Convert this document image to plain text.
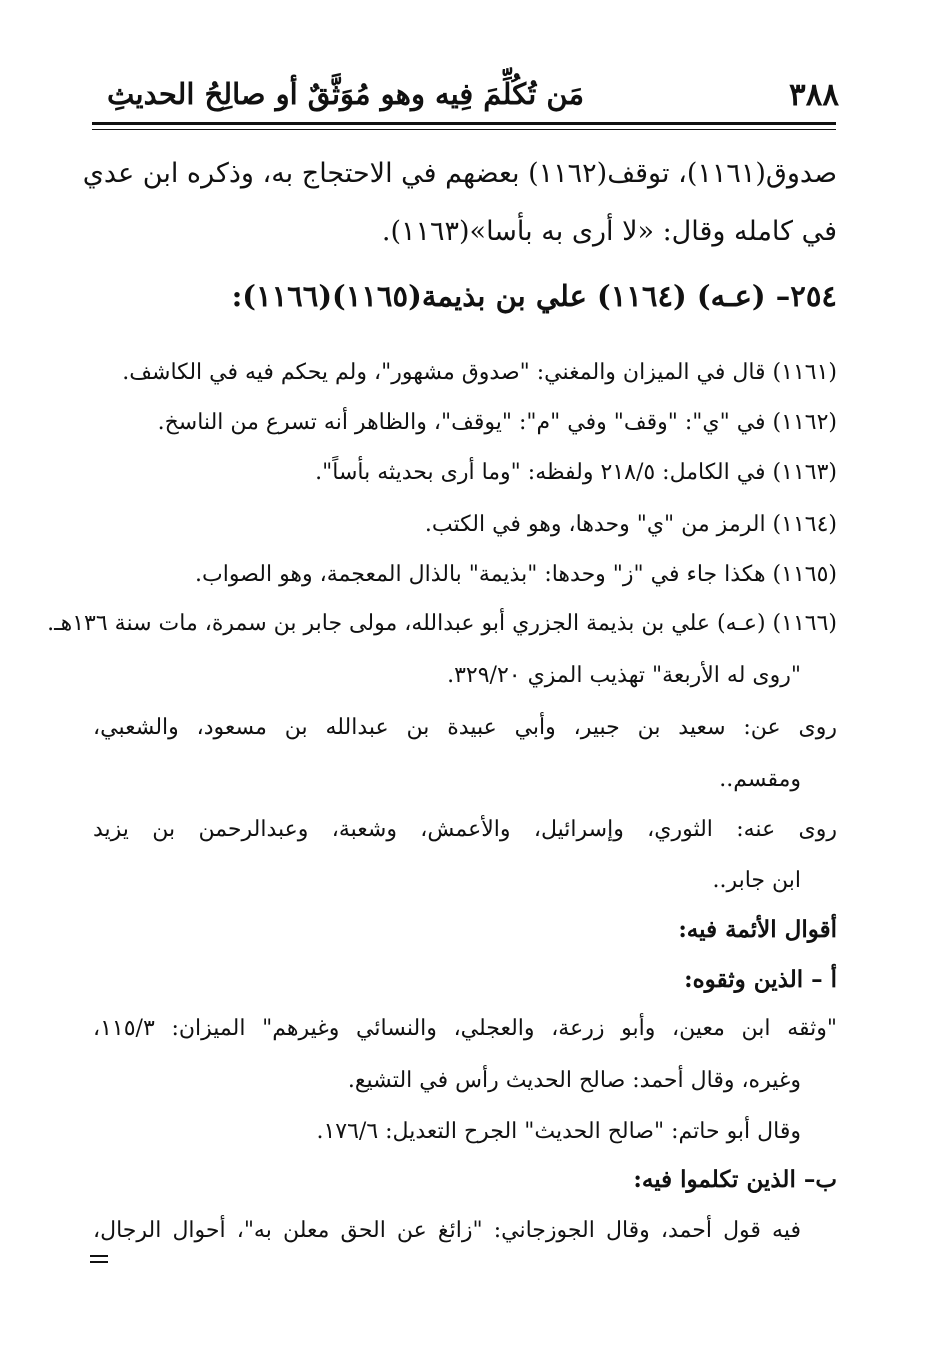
مَن تُكُلِّمَ فِيه وهو مُوَثَّقٌ أو صالِحُ الحديثِ	٣٨٨
صدوق(١١٦١)، توقف(١١٦٢) بعضهم في الاحتجاج به، وذكره ابن عدي
في كامله وقال: «لا أرى به بأسا»(١١٦٣).
٢٥٤– (عـه) (١١٦٤) علي بن بذيمة(١١٦٥)(١١٦٦):
(١١٦١) قال في الميزان والمغني: "صدوق مشهور"، ولم يحكم فيه في الكاشف.
(١١٦٢) في "ي": "وقف" وفي "م": "يوقف"، والظاهر أنه تسرع من الناسخ.
(١١٦٣) في الكامل: ٢١٨/٥ ولفظه: "وما أرى بحديثه بأساً".
(١١٦٤) الرمز من "ي" وحدها، وهو في الكتب.
(١١٦٥) هكذا جاء في "ز" وحدها: "بذيمة" بالذال المعجمة، وهو الصواب.
(١١٦٦) (عـه) علي بن بذيمة الجزري أبو عبدالله، مولى جابر بن سمرة، مات سنة ١٣٦هـ.
"روى له الأربعة" تهذيب المزي ٣٢٩/٢٠.
روى عن: سعيد بن جبير، وأبي عبيدة بن عبدالله بن مسعود، والشعبي،
ومقسم..
روى عنه: الثوري، وإسرائيل، والأعمش، وشعبة، وعبدالرحمن بن يزيد
ابن جابر..
أقوال الأئمة فيه:
أ – الذين وثقوه:
"وثقه ابن معين، وأبو زرعة، والعجلي، والنسائي وغيرهم" الميزان: ١١٥/٣،
وغيره، وقال أحمد: صالح الحديث رأس في التشيع.
وقال أبو حاتم: "صالح الحديث" الجرح التعديل: ١٧٦/٦.
ب– الذين تكلموا فيه:
فيه قول أحمد، وقال الجوزجاني: "زائغ عن الحق معلن به"، أحوال الرجال،
